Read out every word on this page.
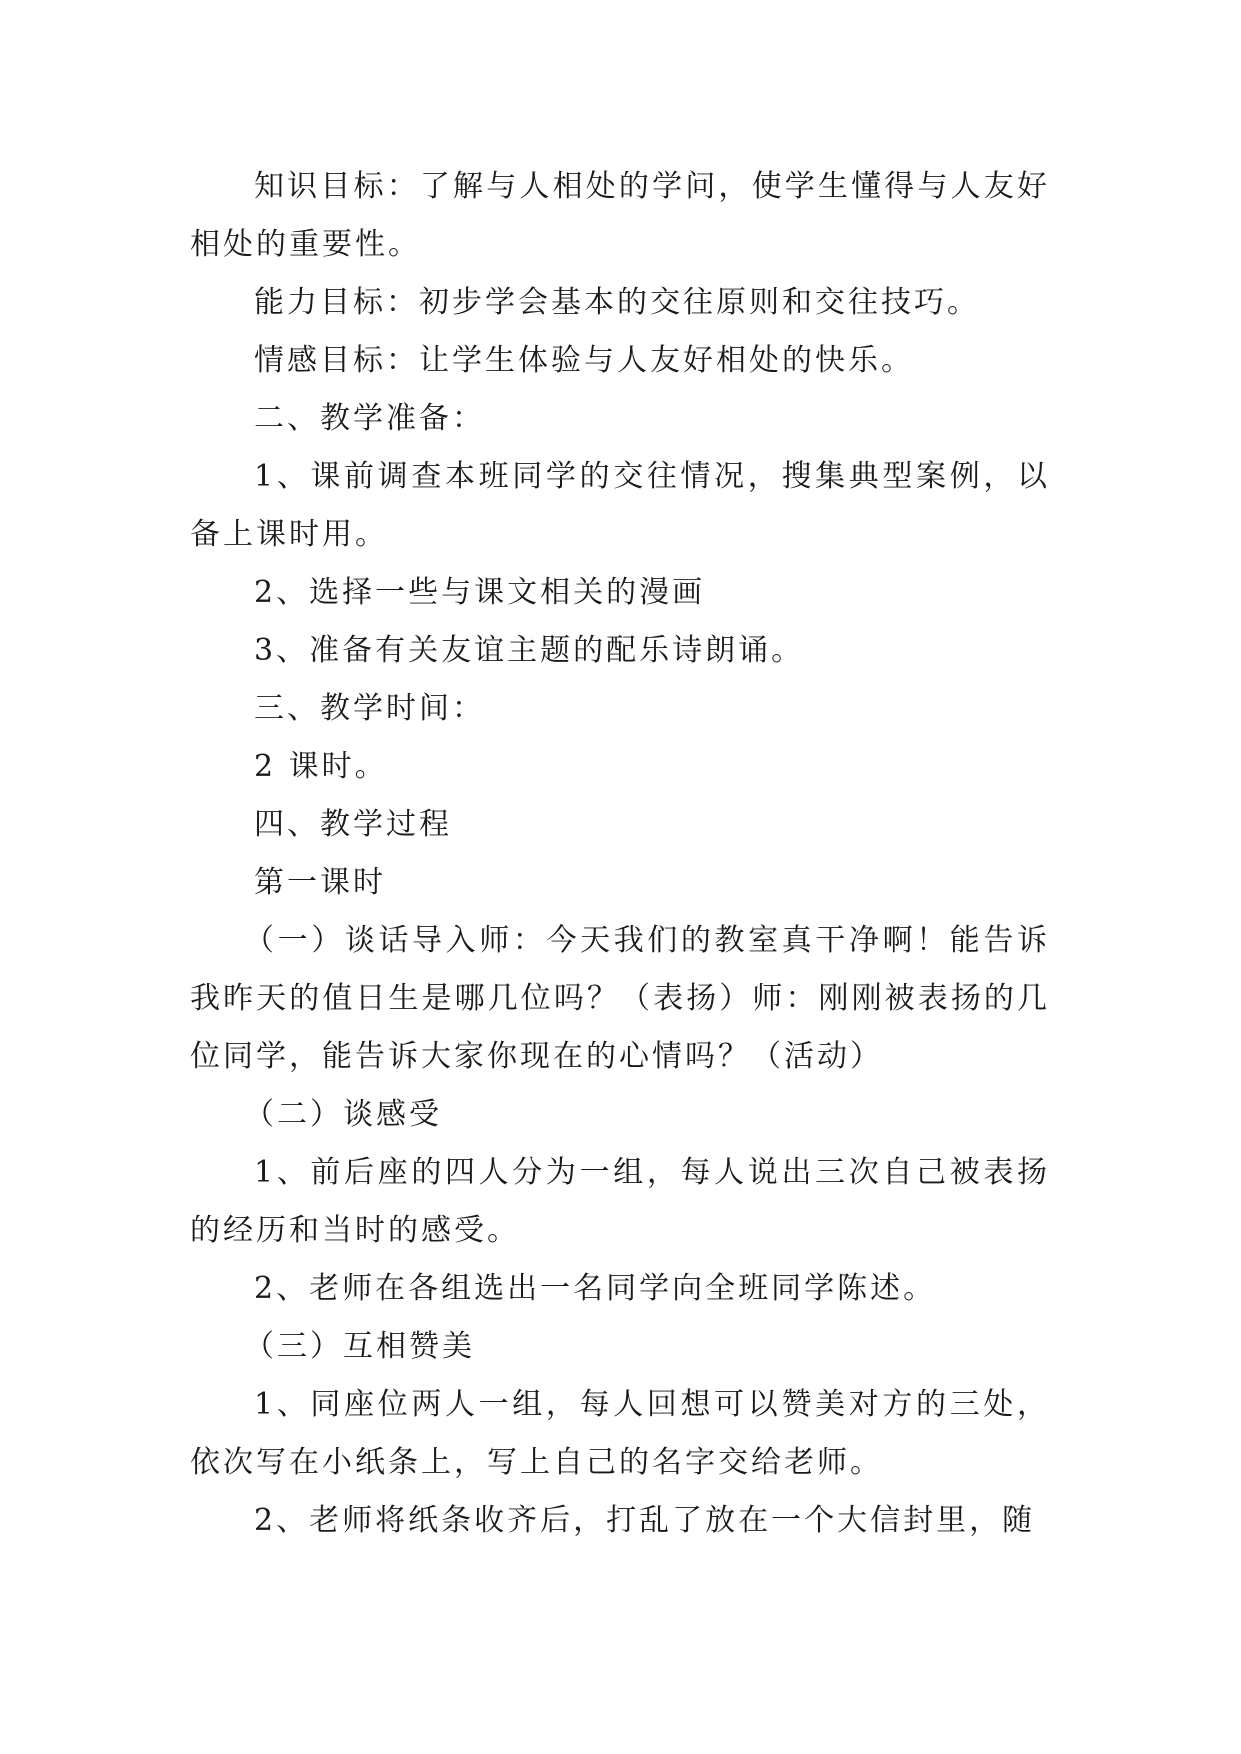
知识目标：了解与人相处的学问，使学生懂得与人友好相处的重要性。

能力目标：初步学会基本的交往原则和交往技巧。

情感目标：让学生体验与人友好相处的快乐。

二、教学准备：

1、课前调查本班同学的交往情况，搜集典型案例，以备上课时用。

2、选择一些与课文相关的漫画

3、准备有关友谊主题的配乐诗朗诵。

三、教学时间：

2 课时。

四、教学过程

第一课时

（一）谈话导入师：今天我们的教室真干净啊！能告诉我昨天的值日生是哪几位吗？（表扬）师：刚刚被表扬的几位同学，能告诉大家你现在的心情吗？（活动）

（二）谈感受

1、前后座的四人分为一组，每人说出三次自己被表扬的经历和当时的感受。

2、老师在各组选出一名同学向全班同学陈述。

（三）互相赞美

1、同座位两人一组，每人回想可以赞美对方的三处，依次写在小纸条上，写上自己的名字交给老师。

2、老师将纸条收齐后，打乱了放在一个大信封里，随
